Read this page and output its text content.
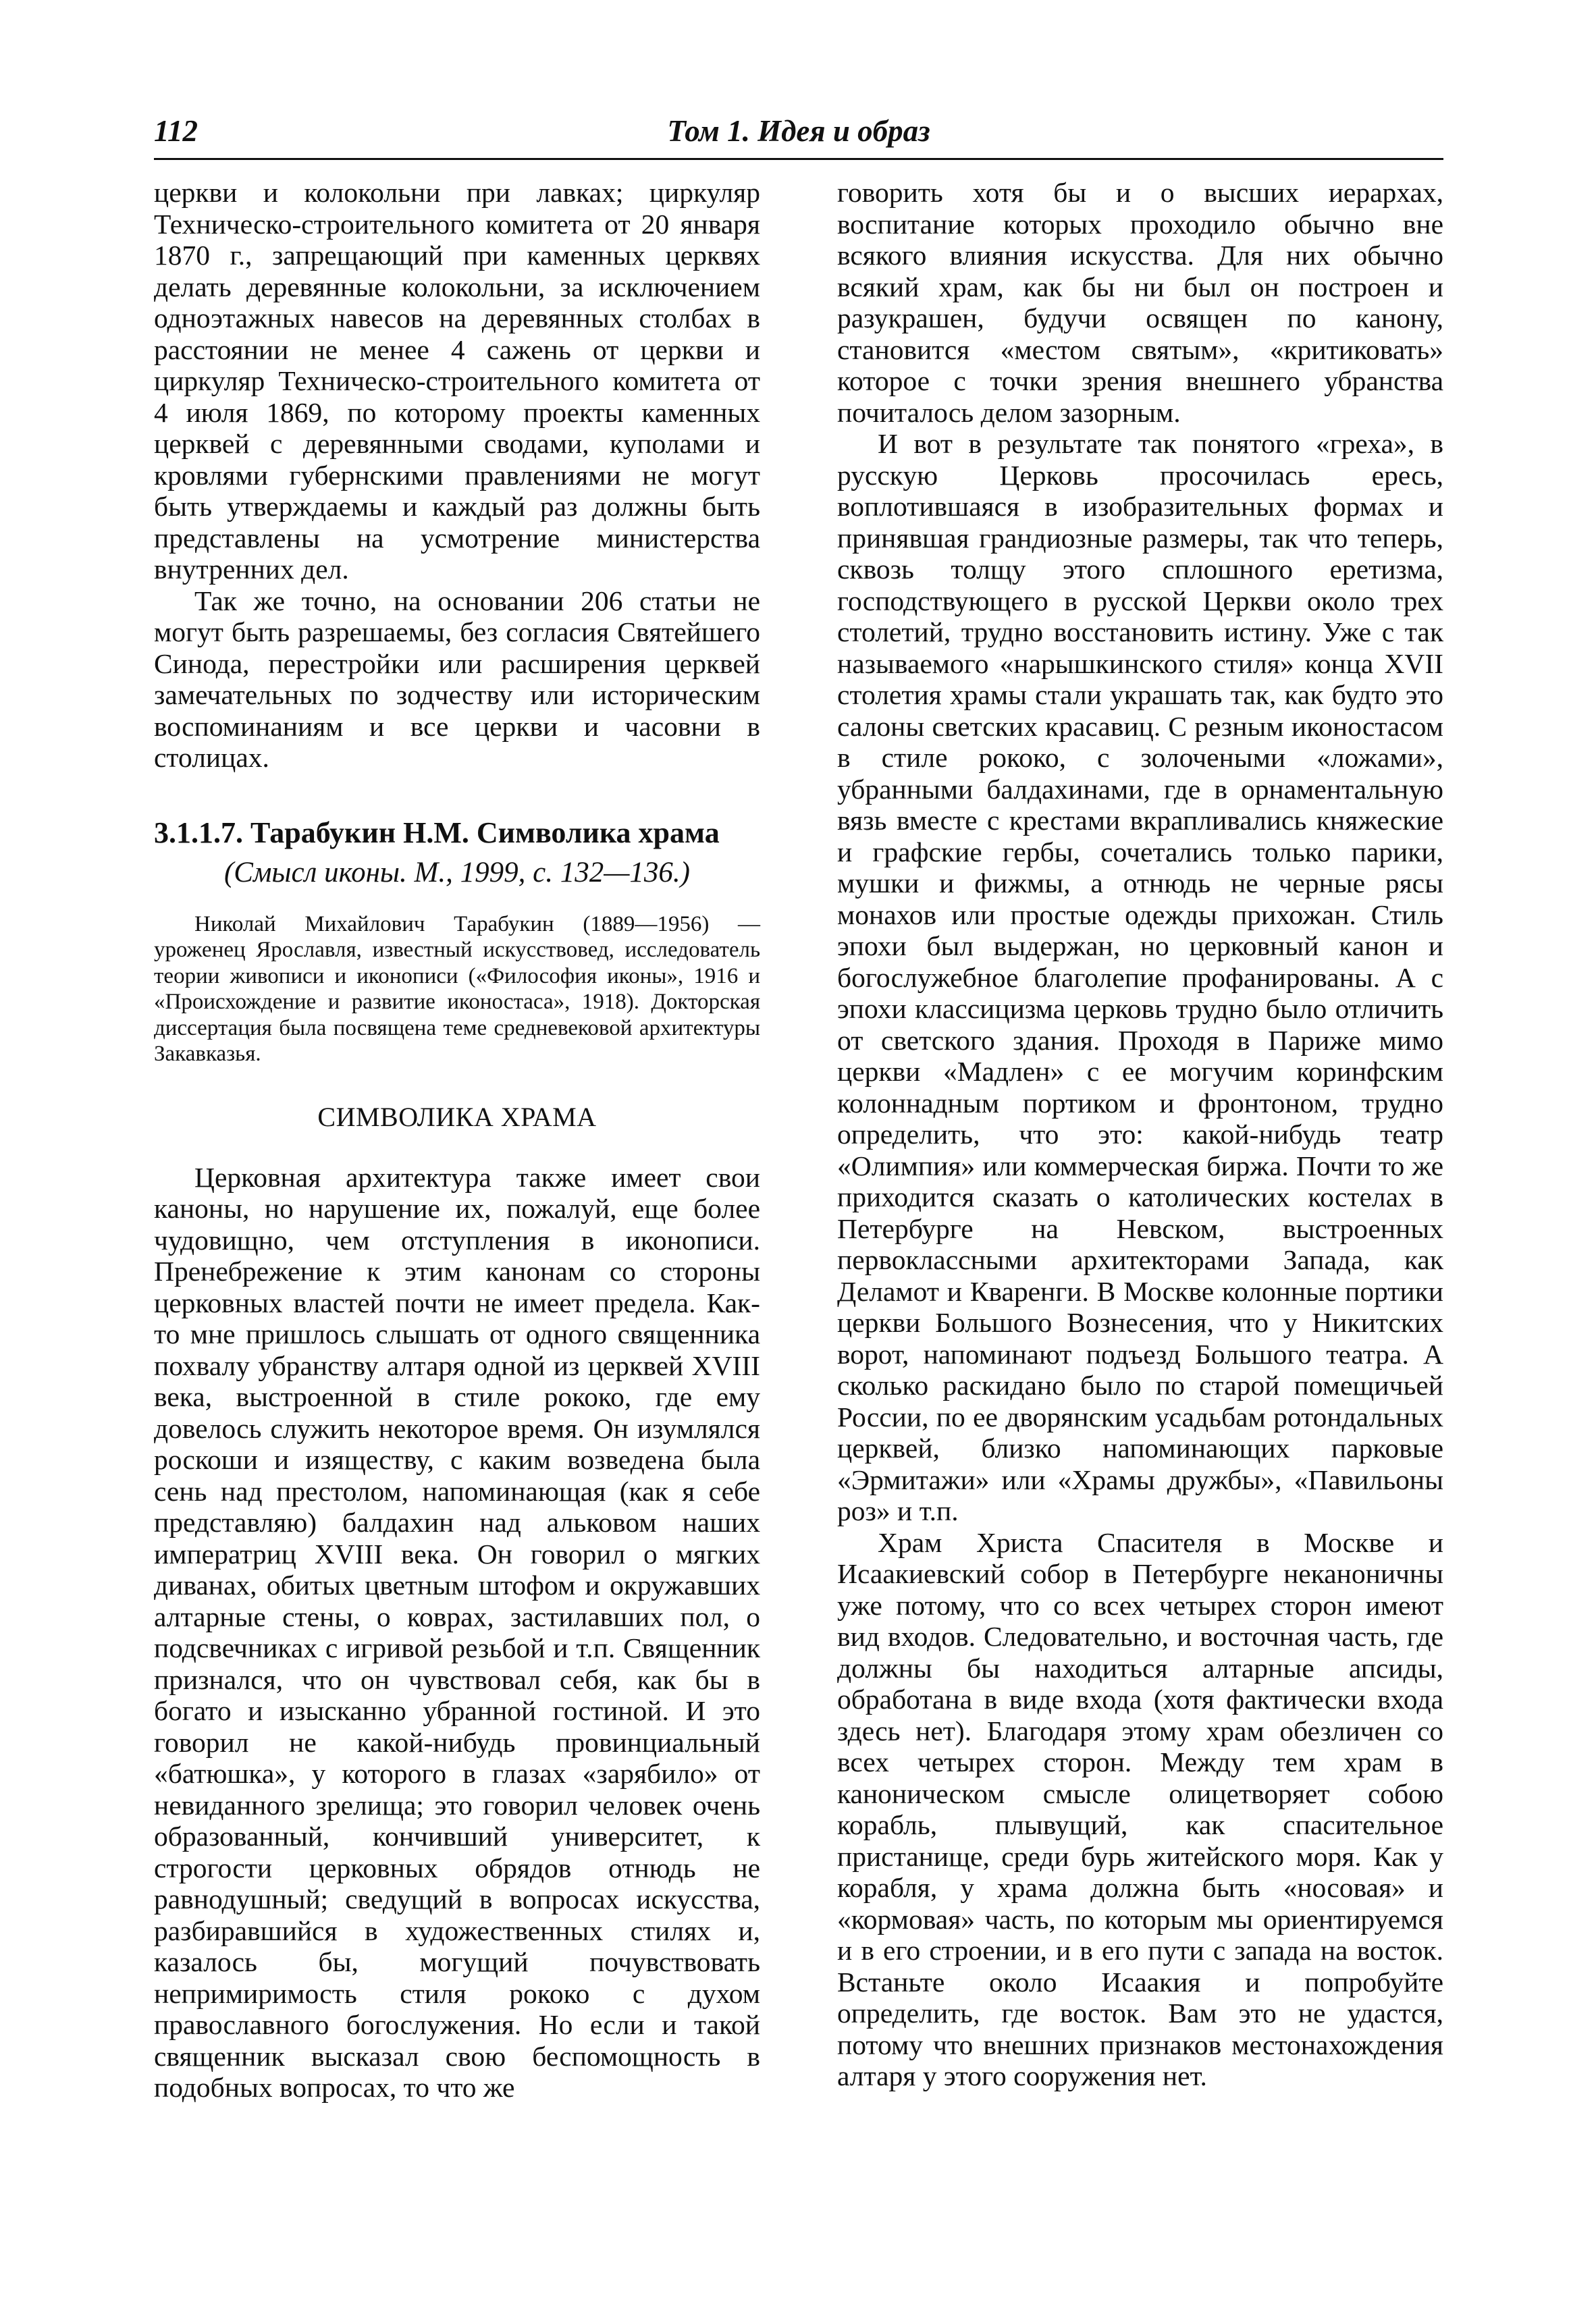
112	Том 1. Идея и образ

церкви и колокольни при лавках; циркуляр Техническо-строительного комитета от 20 января 1870 г., запрещающий при каменных церквях делать деревянные колокольни, за исключением одноэтажных навесов на деревянных столбах в расстоянии не менее 4 сажень от церкви и циркуляр Техническо-строительного комитета от 4 июля 1869, по которому проекты каменных церквей с деревянными сводами, куполами и кровлями губернскими правлениями не могут быть утверждаемы и каждый раз должны быть представлены на усмотрение министерства внутренних дел.

Так же точно, на основании 206 статьи не могут быть разрешаемы, без согласия Святейшего Синода, перестройки или расширения церквей замечательных по зодчеству или историческим воспоминаниям и все церкви и часовни в столицах.

3.1.1.7. Тарабукин Н.М. Символика храма
(Смысл иконы. М., 1999, с. 132—136.)
Николай Михайлович Тарабукин (1889—1956) — уроженец Ярославля, известный искусствовед, исследователь теории живописи и иконописи («Философия иконы», 1916 и «Происхождение и развитие иконостаса», 1918). Докторская диссертация была посвящена теме средневековой архитектуры Закавказья.
СИМВОЛИКА ХРАМА

Церковная архитектура также имеет свои каноны, но нарушение их, пожалуй, еще более чудовищно, чем отступления в иконописи. Пренебрежение к этим канонам со стороны церковных властей почти не имеет предела. Как-то мне пришлось слышать от одного священника похвалу убранству алтаря одной из церквей XVIII века, выстроенной в стиле рококо, где ему довелось служить некоторое время. Он изумлялся роскоши и изяществу, с каким возведена была сень над престолом, напоминающая (как я себе представляю) балдахин над альковом наших императриц XVIII века. Он говорил о мягких диванах, обитых цветным штофом и окружавших алтарные стены, о коврах, застилавших пол, о подсвечниках с игривой резьбой и т.п. Священник признался, что он чувствовал себя, как бы в богато и изысканно убранной гостиной. И это говорил не какой-нибудь провинциальный «батюшка», у которого в глазах «зарябило» от невиданного зрелища; это говорил человек очень образованный, кончивший университет, к строгости церковных обрядов отнюдь не равнодушный; сведущий в вопросах искусства, разбиравшийся в художественных стилях и, казалось бы, могущий почувствовать непримиримость стиля рококо с духом православного богослужения. Но если и такой священник высказал свою беспомощность в подобных вопросах, то что же

говорить хотя бы и о высших иерархах, воспитание которых проходило обычно вне всякого влияния искусства. Для них обычно всякий храм, как бы ни был он построен и разукрашен, будучи освящен по канону, становится «местом святым», «критиковать» которое с точки зрения внешнего убранства почиталось делом зазорным.

И вот в результате так понятого «греха», в русскую Церковь просочилась ересь, воплотившаяся в изобразительных формах и принявшая грандиозные размеры, так что теперь, сквозь толщу этого сплошного еретизма, господствующего в русской Церкви около трех столетий, трудно восстановить истину. Уже с так называемого «нарышкинского стиля» конца XVII столетия храмы стали украшать так, как будто это салоны светских красавиц. С резным иконостасом в стиле рококо, с золочеными «ложами», убранными балдахинами, где в орнаментальную вязь вместе с крестами вкрапливались княжеские и графские гербы, сочетались только парики, мушки и фижмы, а отнюдь не черные рясы монахов или простые одежды прихожан. Стиль эпохи был выдержан, но церковный канон и богослужебное благолепие профанированы. А с эпохи классицизма церковь трудно было отличить от светского здания. Проходя в Париже мимо церкви «Мадлен» с ее могучим коринфским колоннадным портиком и фронтоном, трудно определить, что это: какой-нибудь театр «Олимпия» или коммерческая биржа. Почти то же приходится сказать о католических костелах в Петербурге на Невском, выстроенных первоклассными архитекторами Запада, как Деламот и Кваренги. В Москве колонные портики церкви Большого Вознесения, что у Никитских ворот, напоминают подъезд Большого театра. А сколько раскидано было по старой помещичьей России, по ее дворянским усадьбам ротондальных церквей, близко напоминающих парковые «Эрмитажи» или «Храмы дружбы», «Павильоны роз» и т.п.

Храм Христа Спасителя в Москве и Исаакиевский собор в Петербурге неканоничны уже потому, что со всех четырех сторон имеют вид входов. Следовательно, и восточная часть, где должны бы находиться алтарные апсиды, обработана в виде входа (хотя фактически входа здесь нет). Благодаря этому храм обезличен со всех четырех сторон. Между тем храм в каноническом смысле олицетворяет собою корабль, плывущий, как спасительное пристанище, среди бурь житейского моря. Как у корабля, у храма должна быть «носовая» и «кормовая» часть, по которым мы ориентируемся и в его строении, и в его пути с запада на восток. Встаньте около Исаакия и попробуйте определить, где восток. Вам это не удастся, потому что внешних признаков местонахождения алтаря у этого сооружения нет.
